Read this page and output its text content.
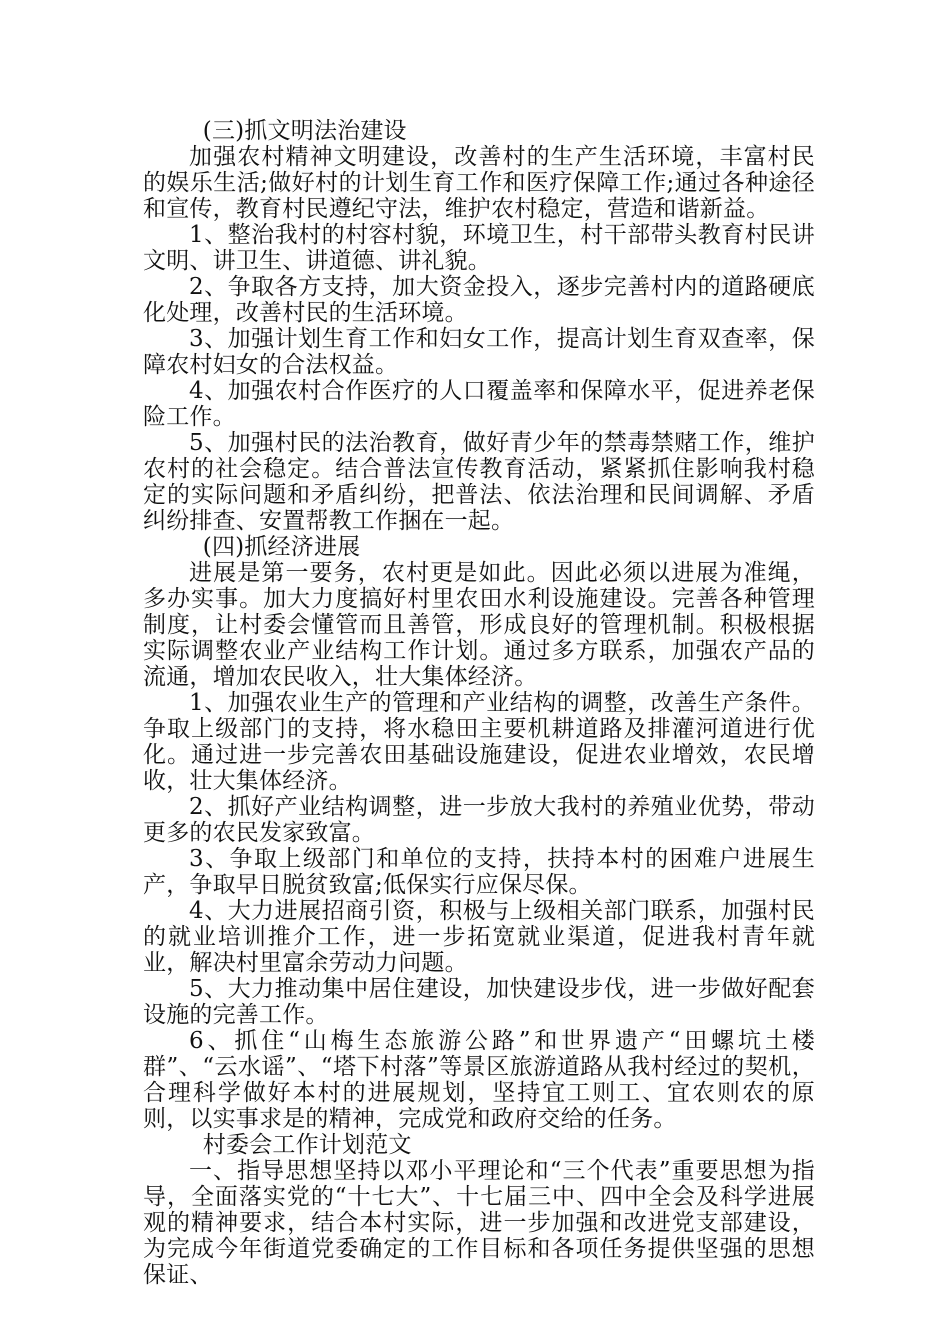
(三)抓文明法治建设

加强农村精神文明建设，改善村的生产生活环境，丰富村民的娱乐生活;做好村的计划生育工作和医疗保障工作;通过各种途径和宣传，教育村民遵纪守法，维护农村稳定，营造和谐新益。

1、整治我村的村容村貌，环境卫生，村干部带头教育村民讲文明、讲卫生、讲道德、讲礼貌。

2、争取各方支持，加大资金投入，逐步完善村内的道路硬底化处理，改善村民的生活环境。

3、加强计划生育工作和妇女工作，提高计划生育双查率，保障农村妇女的合法权益。

4、加强农村合作医疗的人口覆盖率和保障水平，促进养老保险工作。

5、加强村民的法治教育，做好青少年的禁毒禁赌工作，维护农村的社会稳定。结合普法宣传教育活动，紧紧抓住影响我村稳定的实际问题和矛盾纠纷，把普法、依法治理和民间调解、矛盾纠纷排查、安置帮教工作捆在一起。

(四)抓经济进展

进展是第一要务，农村更是如此。因此必须以进展为准绳，多办实事。加大力度搞好村里农田水利设施建设。完善各种管理制度，让村委会懂管而且善管，形成良好的管理机制。积极根据实际调整农业产业结构工作计划。通过多方联系，加强农产品的流通，增加农民收入，壮大集体经济。

1、加强农业生产的管理和产业结构的调整，改善生产条件。争取上级部门的支持，将水稳田主要机耕道路及排灌河道进行优化。通过进一步完善农田基础设施建设，促进农业增效，农民增收，壮大集体经济。

2、抓好产业结构调整，进一步放大我村的养殖业优势，带动更多的农民发家致富。

3、争取上级部门和单位的支持，扶持本村的困难户进展生产，争取早日脱贫致富;低保实行应保尽保。

4、大力进展招商引资，积极与上级相关部门联系，加强村民的就业培训推介工作，进一步拓宽就业渠道，促进我村青年就业，解决村里富余劳动力问题。

5、大力推动集中居住建设，加快建设步伐，进一步做好配套设施的完善工作。

6、抓住“山梅生态旅游公路”和世界遗产“田螺坑土楼群”、“云水谣”、“塔下村落”等景区旅游道路从我村经过的契机，合理科学做好本村的进展规划，坚持宜工则工、宜农则农的原则，以实事求是的精神，完成党和政府交给的任务。

村委会工作计划范文

一、指导思想坚持以邓小平理论和“三个代表”重要思想为指导，全面落实党的“十七大”、十七届三中、四中全会及科学进展观的精神要求，结合本村实际，进一步加强和改进党支部建设，为完成今年街道党委确定的工作目标和各项任务提供坚强的思想保证、
